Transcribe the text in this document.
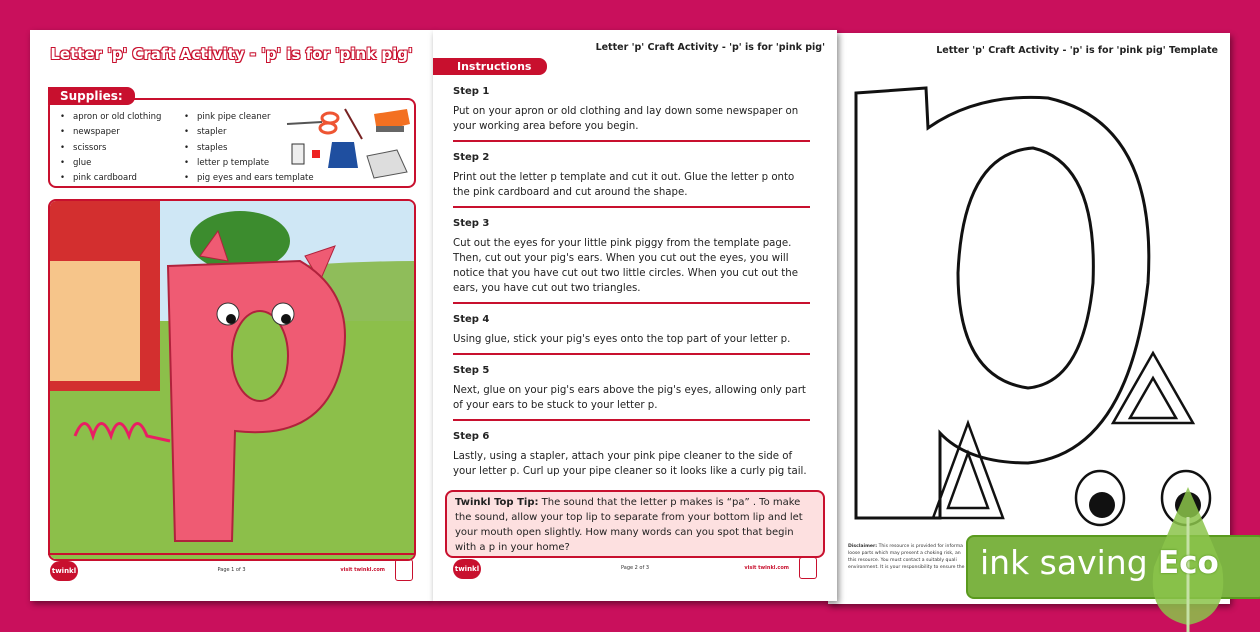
Letter 'p' Craft Activity - 'p' is for 'pink pig'
• apron or old clothing
• newspaper
• scissors
• glue
• pink cardboard
• pink pipe cleaner
• stapler
• staples
• letter p template
• pig eyes and ears template
Supplies:
twinkl	Page 1 of 3	visit twinkl.com
Letter 'p' Craft Activity - 'p' is for 'pink pig'
Instructions
Step 1

Put on your apron or old clothing and lay down some newspaper on your working area before you begin.

Step 2

Print out the letter p template and cut it out. Glue the letter p onto the pink cardboard and cut around the shape.

Step 3

Cut out the eyes for your little pink piggy from the template page. Then, cut out your pig's ears. When you cut out the eyes, you will notice that you have cut out two little circles. When you cut out the ears, you have cut out two triangles.

Step 4

Using glue, stick your pig's eyes onto the top part of your letter p.

Step 5

Next, glue on your pig's ears above the pig's eyes, allowing only part of your ears to be stuck to your letter p.

Step 6

Lastly, using a stapler, attach your pink pipe cleaner to the side of your letter p. Curl up your pipe cleaner so it looks like a curly pig tail.

Twinkl Top Tip: The sound that the letter p makes is “pa” . To make the sound, allow your top lip to separate from your bottom lip and let your mouth open slightly. How many words can you spot that begin with a p in your home?
twinkl	Page 2 of 3	visit twinkl.com
Letter 'p' Craft Activity - 'p' is for 'pink pig' Template
Disclaimer: This resource is provided for informa
loose parts which may present a choking risk, an
this resource. You must contact a suitably quali
environment. It is your responsibility to ensure the ink saving Eco
